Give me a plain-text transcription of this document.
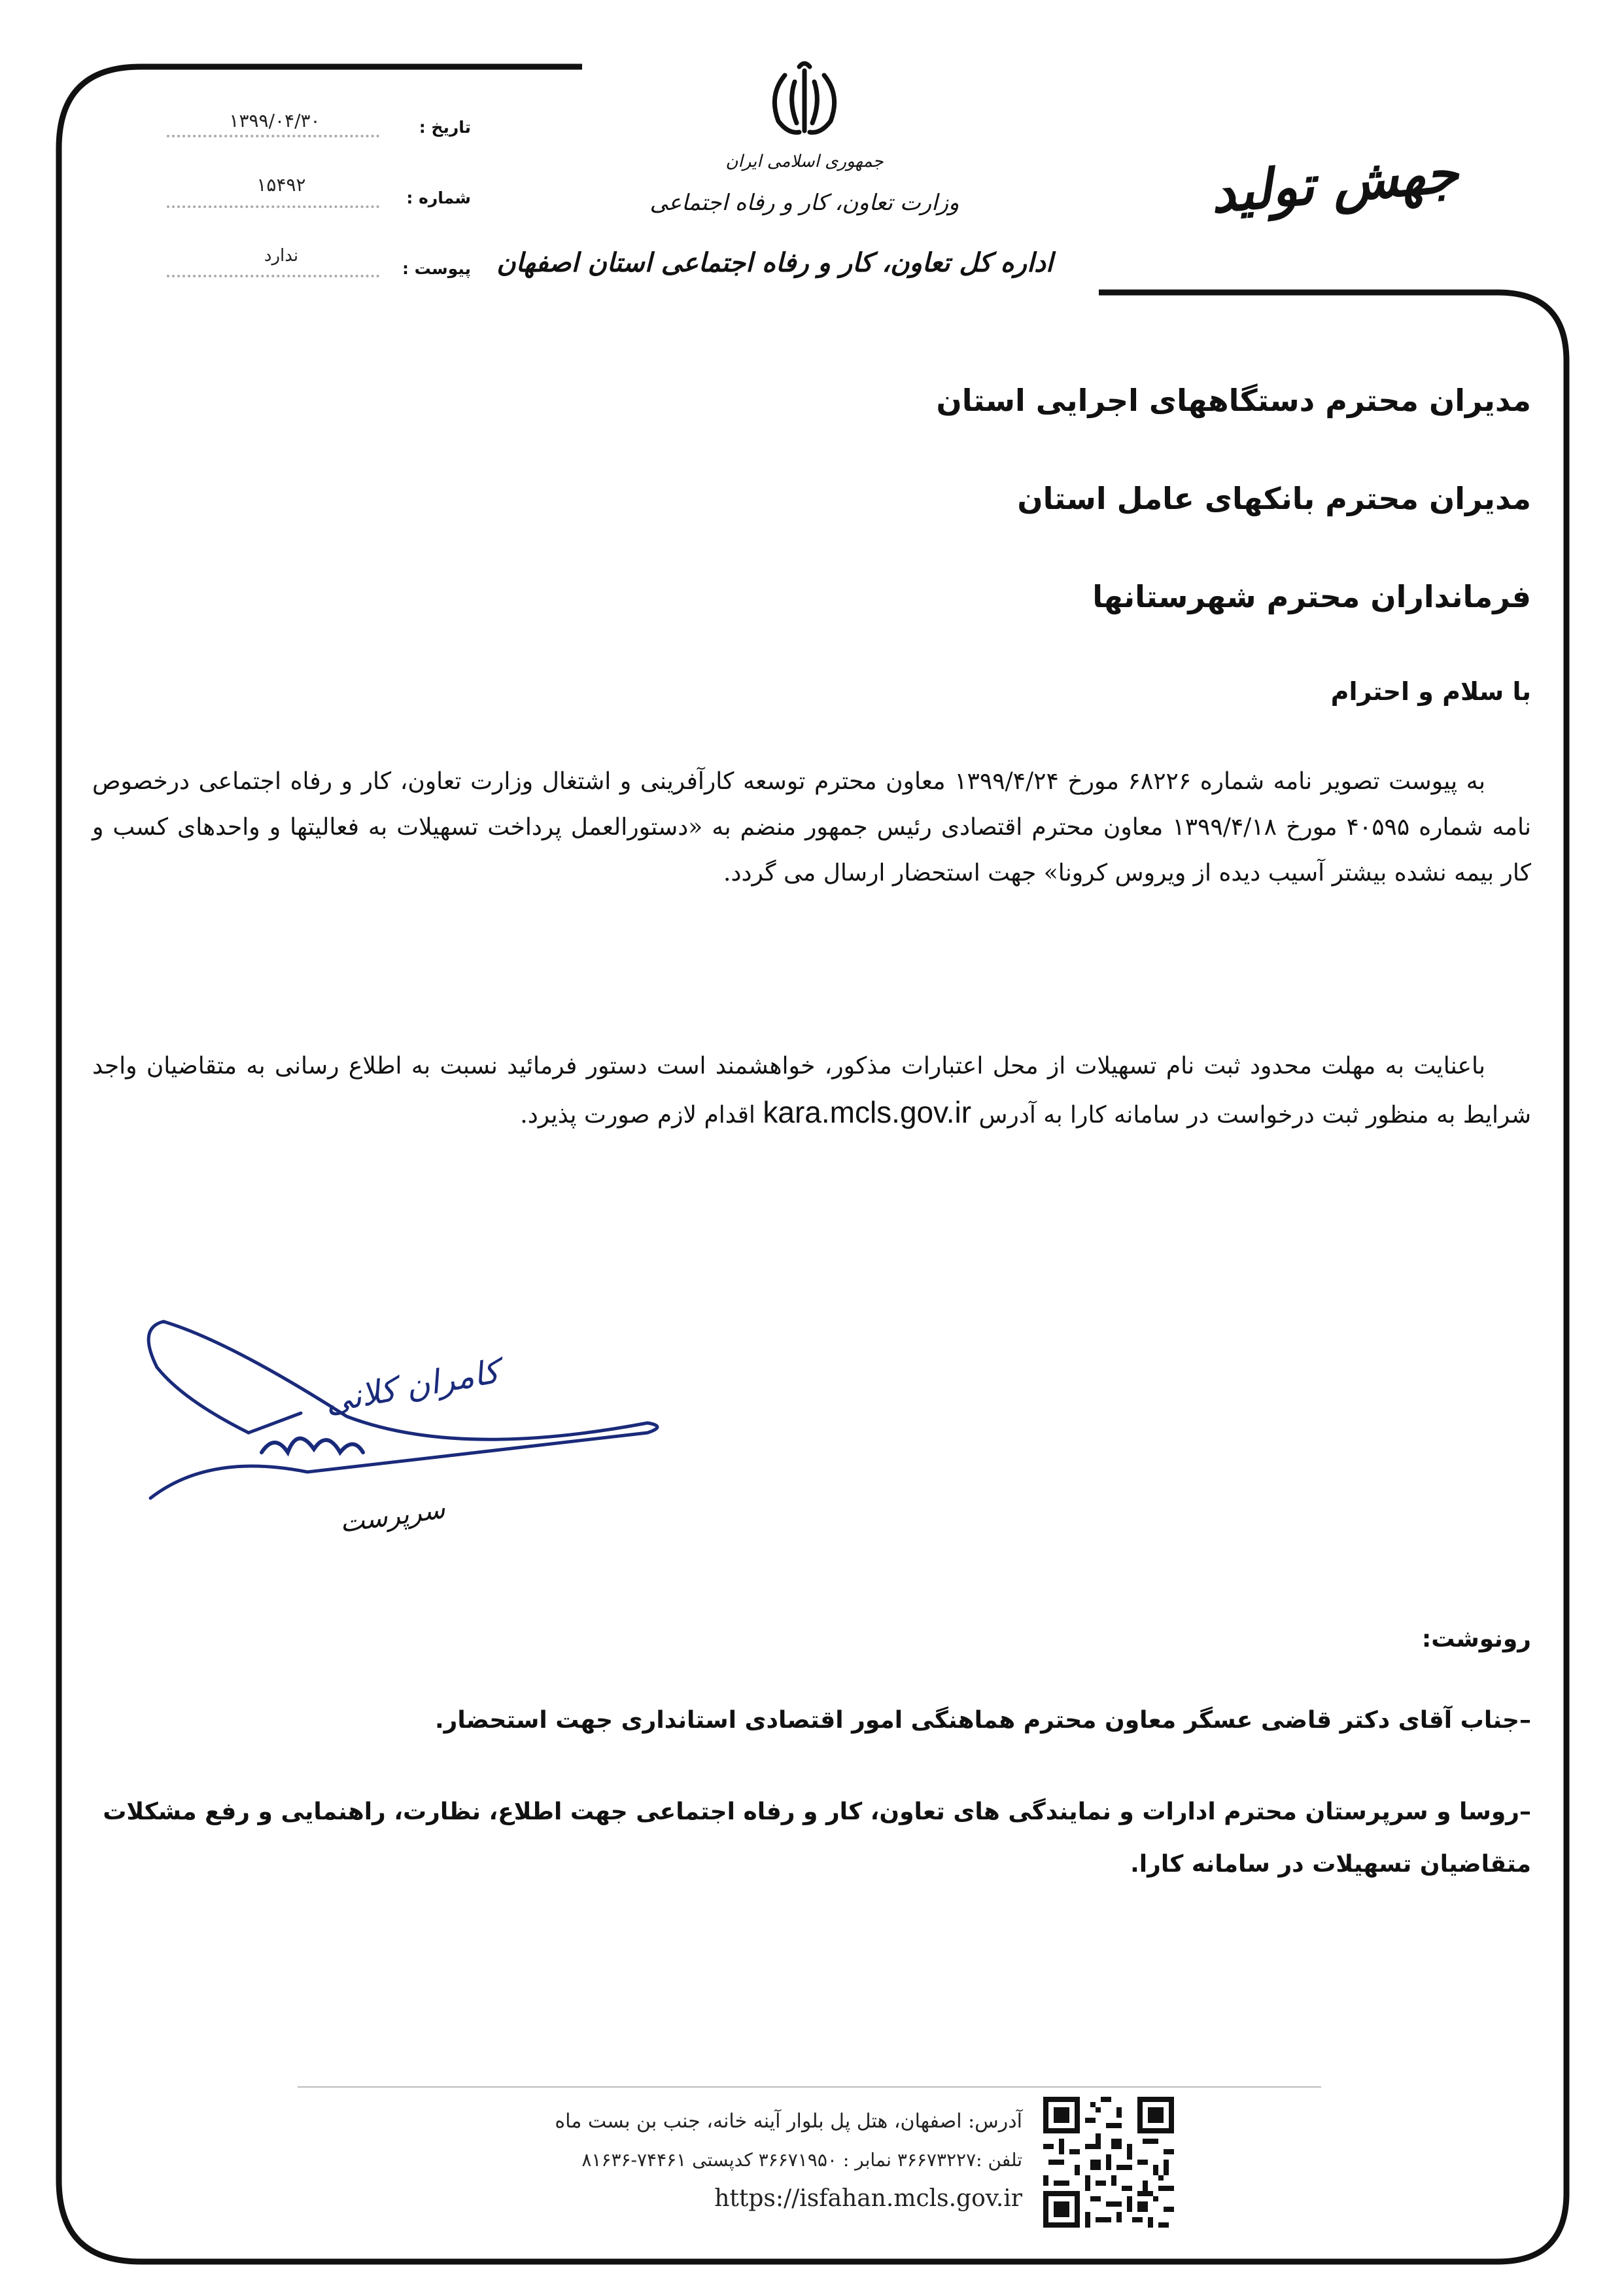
تاریخ :
۱۳۹۹/۰۴/۳۰
شماره :
۱۵۴۹۲
پیوست :
ندارد
جمهوری اسلامی ایران
وزارت تعاون، کار و رفاه اجتماعی
اداره کل تعاون، کار و رفاه اجتماعی استان اصفهان
جهش تولید
مدیران محترم دستگاههای اجرایی استان
مدیران محترم بانکهای عامل استان
فرمانداران محترم شهرستانها
با سلام و احترام

به پیوست تصویر نامه شماره ۶۸۲۲۶ مورخ ۱۳۹۹/۴/۲۴ معاون محترم توسعه کارآفرینی و اشتغال وزارت تعاون، کار و رفاه اجتماعی درخصوص نامه شماره ۴۰۵۹۵ مورخ ۱۳۹۹/۴/۱۸ معاون محترم اقتصادی رئیس جمهور منضم به «دستورالعمل پرداخت تسهیلات به فعالیتها و واحدهای کسب و کار بیمه نشده بیشتر آسیب دیده از ویروس کرونا» جهت استحضار ارسال می گردد.

باعنایت به مهلت محدود ثبت نام تسهیلات از محل اعتبارات مذکور، خواهشمند است دستور فرمائید نسبت به اطلاع رسانی به متقاضیان واجد شرایط به منظور ثبت درخواست در سامانه کارا به آدرس kara.mcls.gov.ir اقدام لازم صورت پذیرد.

کامران کلانی
سرپرست
رونوشت:

–جناب آقای دکتر قاضی عسگر معاون محترم هماهنگی امور اقتصادی استانداری جهت استحضار.

–روسا و سرپرستان محترم ادارات و نمایندگی های تعاون، کار و رفاه اجتماعی جهت اطلاع، نظارت، راهنمایی و رفع مشکلات متقاضیان تسهیلات در سامانه کارا.

آدرس: اصفهان، هتل پل بلوار آینه خانه، جنب بن بست ماه
تلفن :۳۶۶۷۳۲۲۷ نمابر : ۳۶۶۷۱۹۵۰ کدپستی ۷۴۴۶۱-۸۱۶۳۶
https://isfahan.mcls.gov.ir
